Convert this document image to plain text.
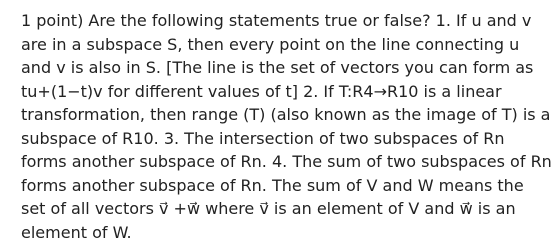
1 point) Are the following statements true or false? 1. If u and v are in a subspace S, then every point on the line connecting u and v is also in S. [The line is the set of vectors you can form as tu+(1−t)v for different values of t] 2. If T:R4→R10 is a linear transformation, then range (T) (also known as the image of T) is a subspace of R10. 3. The intersection of two subspaces of Rn forms another subspace of Rn. 4. The sum of two subspaces of Rn forms another subspace of Rn. The sum of V and W means the set of all vectors v⃗ +w⃗ where v⃗ is an element of V and w⃗ is an element of W.
